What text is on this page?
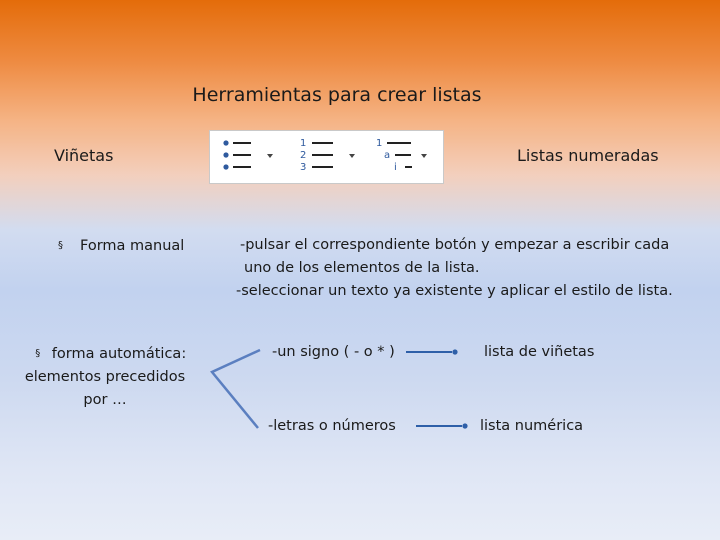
Herramientas para crear listas
Viñetas	Listas numeradas
1
2
3
1
a
i
§ Forma manual	-pulsar el correspondiente botón y empezar a escribir cada
uno de los elementos de la lista.
-seleccionar un texto ya existente y aplicar el estilo de lista.
§ forma automática:
elementos precedidos
por …
-un signo ( - o * )	lista de viñetas
-letras o números	lista numérica
